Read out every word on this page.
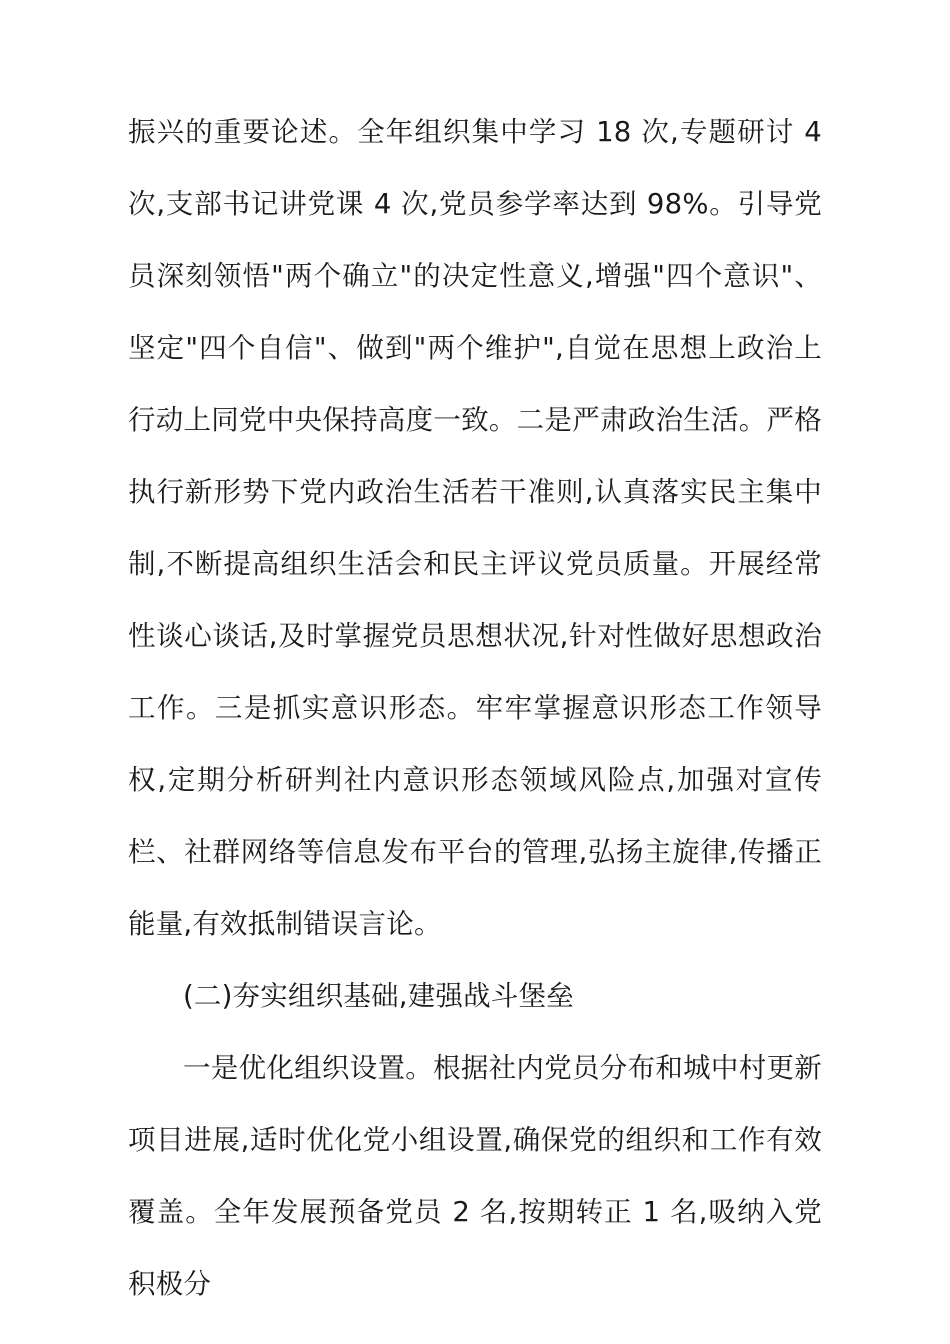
振兴的重要论述。全年组织集中学习 18 次,专题研讨 4 次,支部书记讲党课 4 次,党员参学率达到 98%。引导党员深刻领悟"两个确立"的决定性意义,增强"四个意识"、坚定"四个自信"、做到"两个维护",自觉在思想上政治上行动上同党中央保持高度一致。二是严肃政治生活。严格执行新形势下党内政治生活若干准则,认真落实民主集中制,不断提高组织生活会和民主评议党员质量。开展经常性谈心谈话,及时掌握党员思想状况,针对性做好思想政治工作。三是抓实意识形态。牢牢掌握意识形态工作领导权,定期分析研判社内意识形态领域风险点,加强对宣传栏、社群网络等信息发布平台的管理,弘扬主旋律,传播正能量,有效抵制错误言论。

(二)夯实组织基础,建强战斗堡垒

一是优化组织设置。根据社内党员分布和城中村更新项目进展,适时优化党小组设置,确保党的组织和工作有效覆盖。全年发展预备党员 2 名,按期转正 1 名,吸纳入党积极分
